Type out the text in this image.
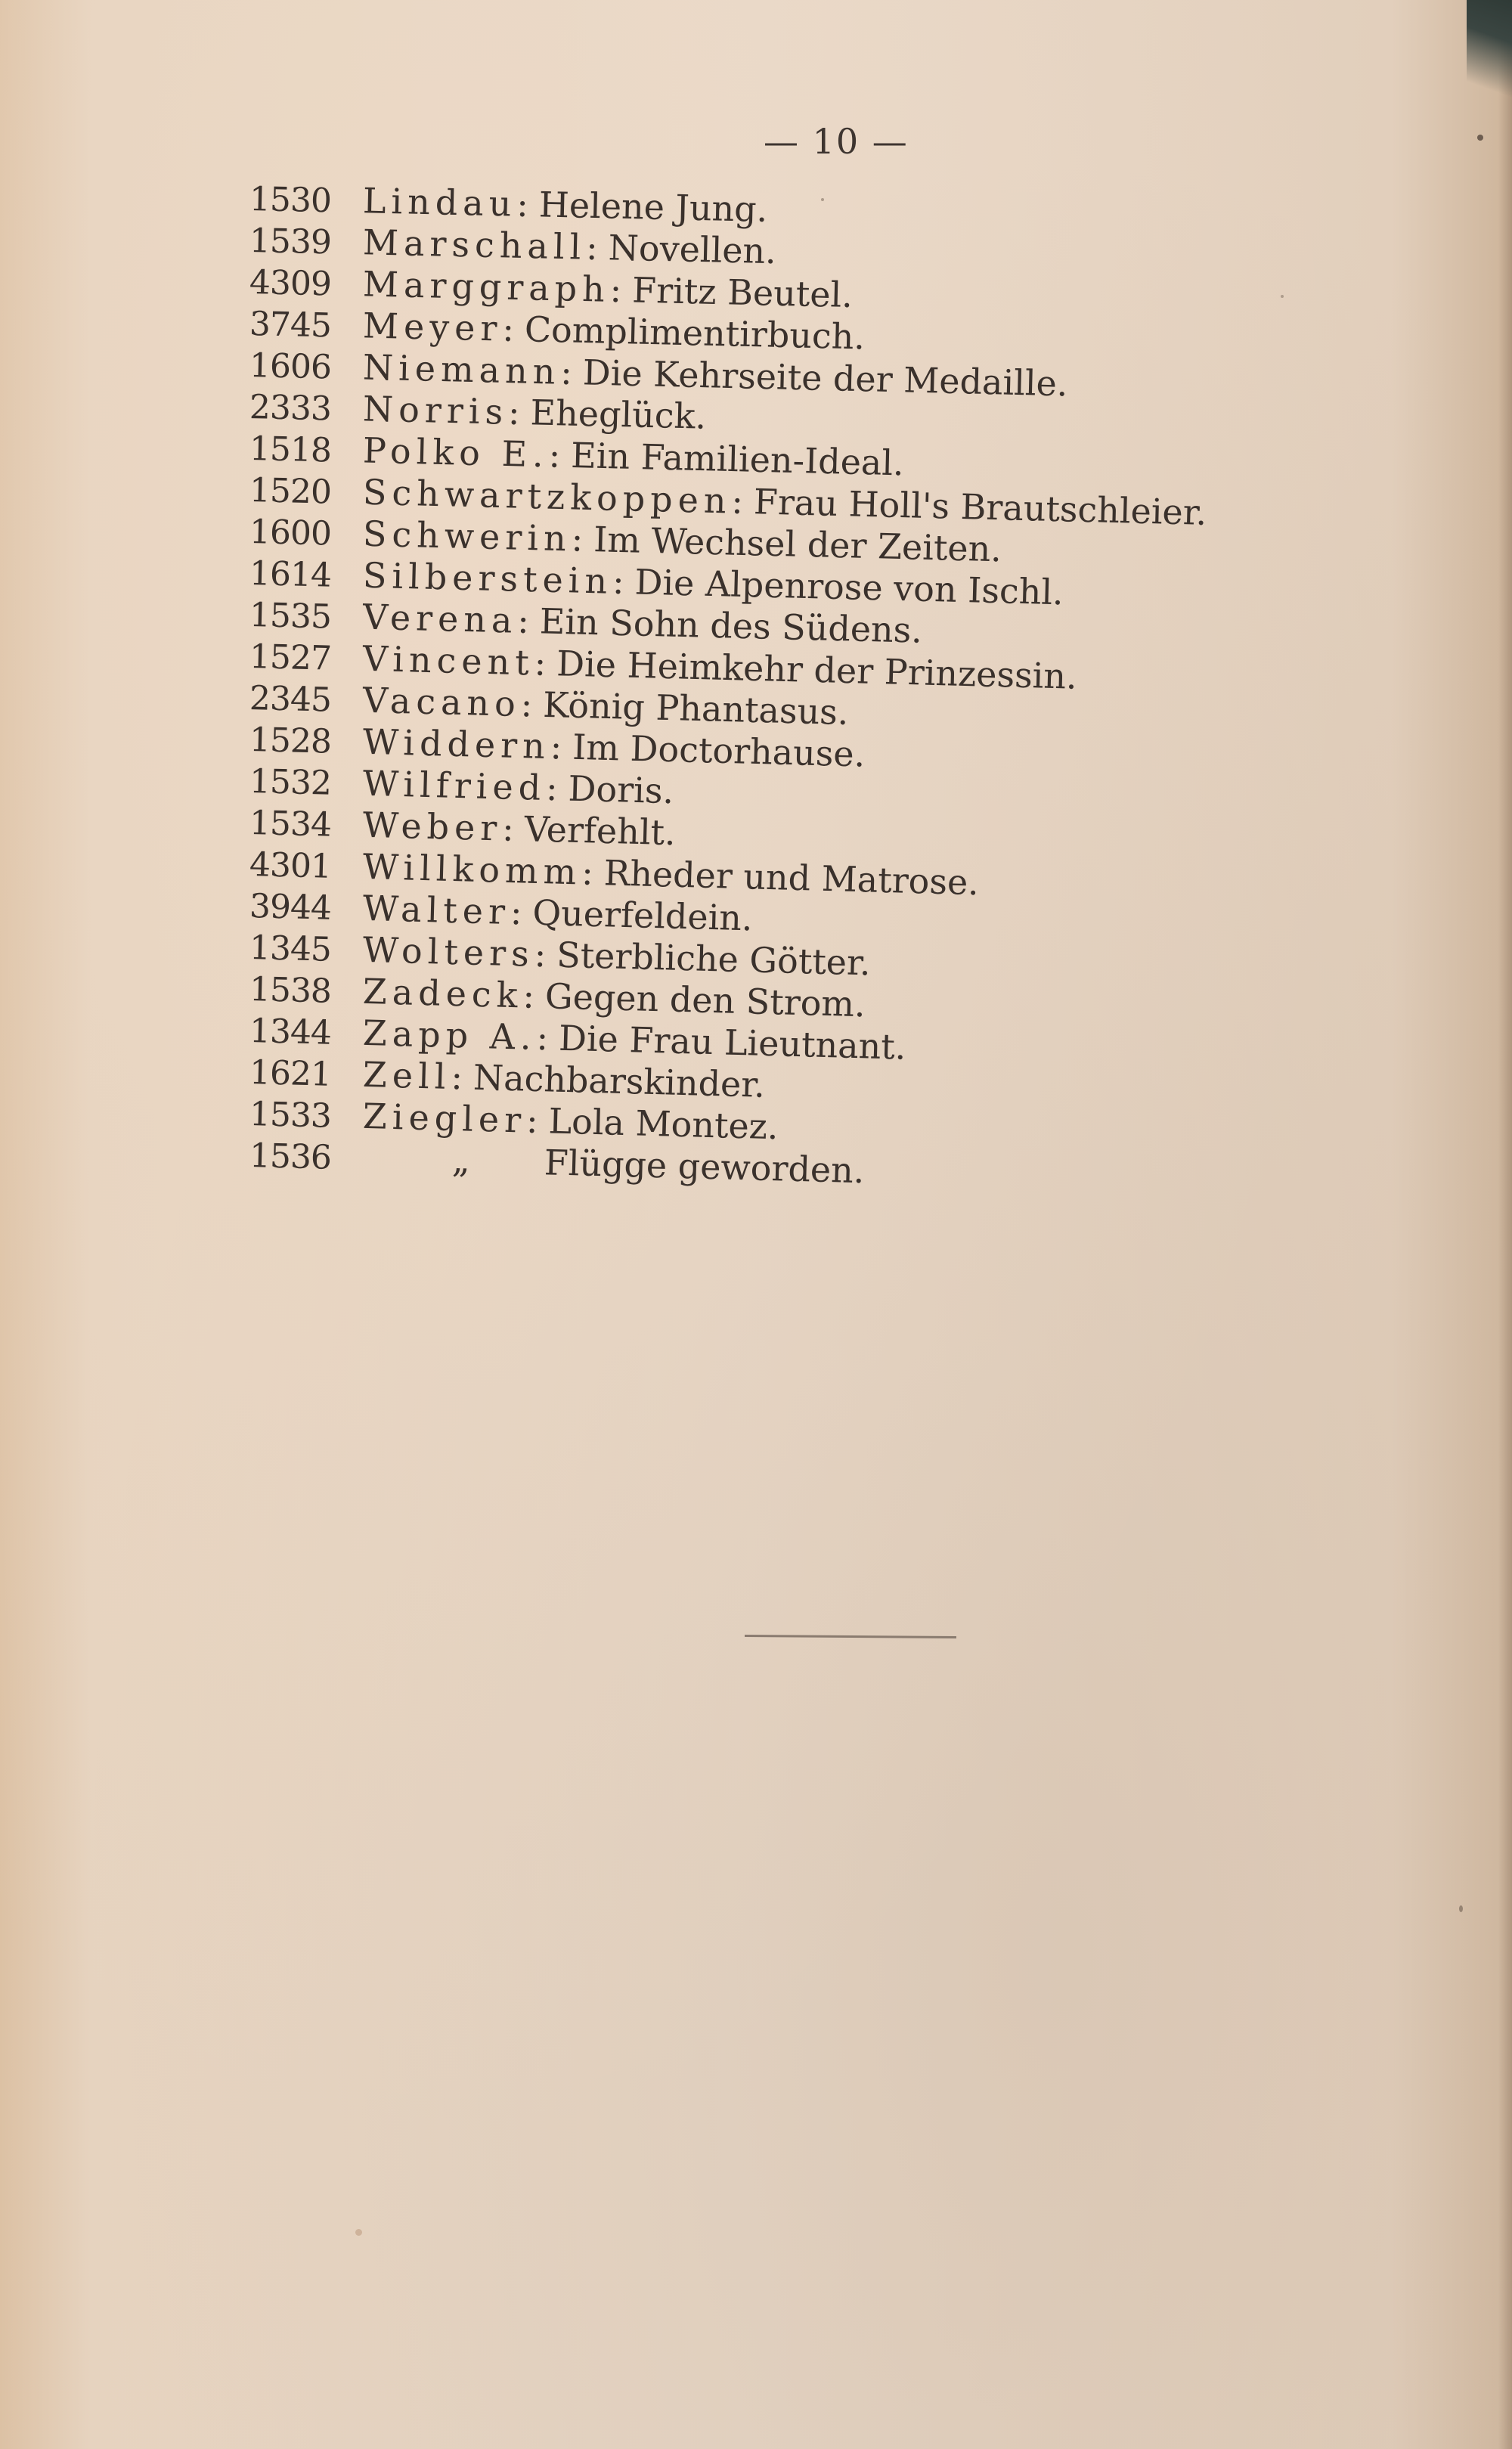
— 10 —
1530 Lindau: Helene Jung.
1539 Marschall: Novellen.
4309 Marggraph: Fritz Beutel.
3745 Meyer: Complimentirbuch.
1606 Niemann: Die Kehrseite der Medaille.
2333 Norris: Eheglück.
1518 Polko E.: Ein Familien-Ideal.
1520 Schwartzkoppen: Frau Holl's Brautschleier.
1600 Schwerin: Im Wechsel der Zeiten.
1614 Silberstein: Die Alpenrose von Ischl.
1535 Verena: Ein Sohn des Südens.
1527 Vincent: Die Heimkehr der Prinzessin.
2345 Vacano: König Phantasus.
1528 Widdern: Im Doctorhause.
1532 Wilfried: Doris.
1534 Weber: Verfehlt.
4301 Willkomm: Rheder und Matrose.
3944 Walter: Querfeldein.
1345 Wolters: Sterbliche Götter.
1538 Zadeck: Gegen den Strom.
1344 Zapp A.: Die Frau Lieutnant.
1621 Zell: Nachbarskinder.
1533 Ziegler: Lola Montez.
1536	„ Flügge geworden.
